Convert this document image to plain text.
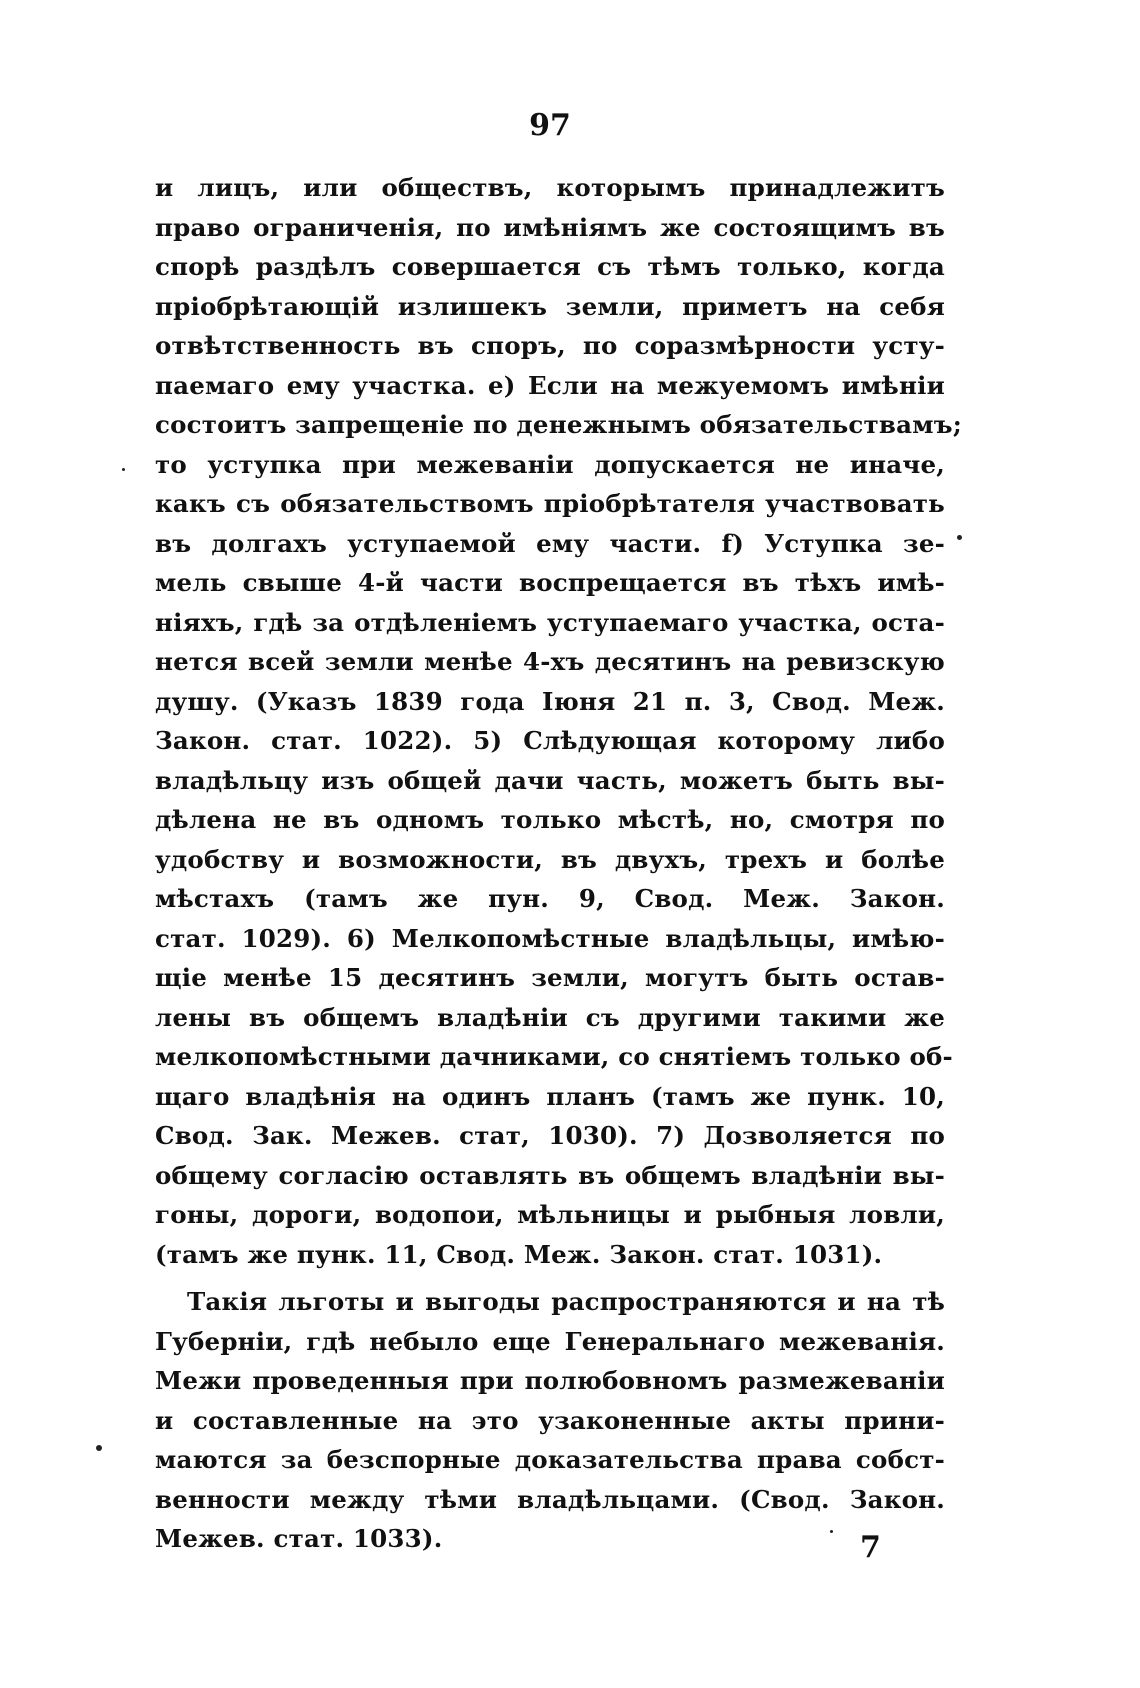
97
и лицъ, или обществъ, которымъ принадлежитъ
право ограниченія, по имѣніямъ же состоящимъ въ
спорѣ раздѣлъ совершается съ тѣмъ только, когда
пріобрѣтающій излишекъ земли, приметъ на себя
отвѣтственность въ споръ, по соразмѣрности усту-
паемаго ему участка. е) Если на межуемомъ имѣніи
состоитъ запрещеніе по денежнымъ обязательствамъ;
то уступка при межеваніи допускается не иначе,
какъ съ обязательствомъ пріобрѣтателя участвовать
въ долгахъ уступаемой ему части. f) Уступка зе-
мель свыше 4-й части воспрещается въ тѣхъ имѣ-
ніяхъ, гдѣ за отдѣленіемъ уступаемаго участка, оста-
нется всей земли менѣе 4-хъ десятинъ на ревизскую
душу. (Указъ 1839 года Іюня 21 п. 3, Свод. Меж.
Закон. стат. 1022). 5) Слѣдующая которому либо
владѣльцу изъ общей дачи часть, можетъ быть вы-
дѣлена не въ одномъ только мѣстѣ, но, смотря по
удобству и возможности, въ двухъ, трехъ и болѣе
мѣстахъ (тамъ же пун. 9, Свод. Меж. Закон.
стат. 1029). 6) Мелкопомѣстные владѣльцы, имѣю-
щіе менѣе 15 десятинъ земли, могутъ быть остав-
лены въ общемъ владѣніи съ другими такими же
мелкопомѣстными дачниками, со снятіемъ только об-
щаго владѣнія на одинъ планъ (тамъ же пунк. 10,
Свод. Зак. Межев. стат, 1030). 7) Дозволяется по
общему согласію оставлять въ общемъ владѣніи вы-
гоны, дороги, водопои, мѣльницы и рыбныя ловли,
(тамъ же пунк. 11, Свод. Меж. Закон. стат. 1031).
Такія льготы и выгоды распространяются и на тѣ
Губерніи, гдѣ небыло еще Генеральнаго межеванія.
Межи проведенныя при полюбовномъ размежеваніи
и составленные на это узаконенные акты прини-
маются за безспорные доказательства права собст-
венности между тѣми владѣльцами. (Свод. Закон.
Межев. стат. 1033).	7
